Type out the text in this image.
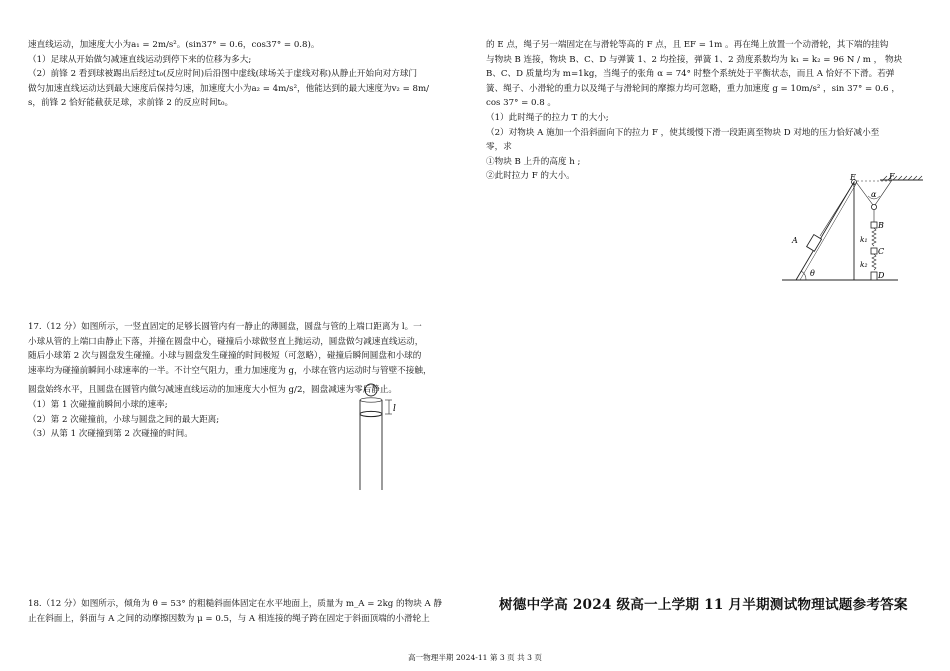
速直线运动，加速度大小为a₁ = 2m/s²。(sin37° = 0.6，cos37° = 0.8)。

（1）足球从开始做匀减速直线运动到停下来的位移为多大;

（2）前锋 2 看到球被踢出后经过t₀(反应时间)后沿图中虚线(球场关于虚线对称)从静止开始向对方球门

做匀加速直线运动达到最大速度后保持匀速，加速度大小为a₂ = 4m/s²，他能达到的最大速度为v₂ = 8m/

s，前锋 2 恰好能截获足球，求前锋 2 的反应时间t₀。

17.（12 分）如图所示，一竖直固定的足够长圆管内有一静止的薄圆盘，圆盘与管的上端口距离为 l。一

小球从管的上端口由静止下落，并撞在圆盘中心，碰撞后小球做竖直上抛运动，圆盘做匀减速直线运动，

随后小球第 2 次与圆盘发生碰撞。小球与圆盘发生碰撞的时间极短（可忽略），碰撞后瞬间圆盘和小球的

速率均为碰撞前瞬间小球速率的一半。不计空气阻力，重力加速度为 g，小球在管内运动时与管壁不接触，

圆盘始终水平，且圆盘在圆管内做匀减速直线运动的加速度大小恒为 g/2，圆盘减速为零后静止。

（1）第 1 次碰撞前瞬间小球的速率;

（2）第 2 次碰撞前，小球与圆盘之间的最大距离;

（3）从第 1 次碰撞到第 2 次碰撞的时间。

l

18.（12 分）如图所示，倾角为 θ = 53° 的粗糙斜面体固定在水平地面上，质量为 m_A = 2kg 的物块 A 静

止在斜面上，斜面与 A 之间的动摩擦因数为 μ = 0.5，与 A 相连接的绳子跨在固定于斜面顶端的小滑轮上

的 E 点，绳子另一端固定在与滑轮等高的 F 点，且 EF = 1m 。再在绳上放置一个动滑轮，其下端的挂钩

与物块 B 连接，物块 B、C、D 与弹簧 1、2 均拴接，弹簧 1、2 劲度系数均为 k₁ = k₂ = 96 N / m ， 物块

B、C、D 质量均为 m=1kg，当绳子的张角 α = 74° 时整个系统处于平衡状态，而且 A 恰好不下滑。若弹

簧、绳子、小滑轮的重力以及绳子与滑轮间的摩擦力均可忽略，重力加速度 g = 10m/s² ，sin 37° = 0.6 ，

cos 37° = 0.8 。

（1）此时绳子的拉力 T 的大小;

（2）对物块 A 施加一个沿斜面向下的拉力 F ，使其缓慢下滑一段距离至物块 D 对地的压力恰好减小至

零，求

①物块 B 上升的高度 h ;

②此时拉力 F 的大小。	E	F
α
A
B
C
D
k₁
k₂
θ
树德中学高 2024 级高一上学期 11 月半期测试物理试题参考答案
高一物理半期 2024-11 第 3 页 共 3 页
